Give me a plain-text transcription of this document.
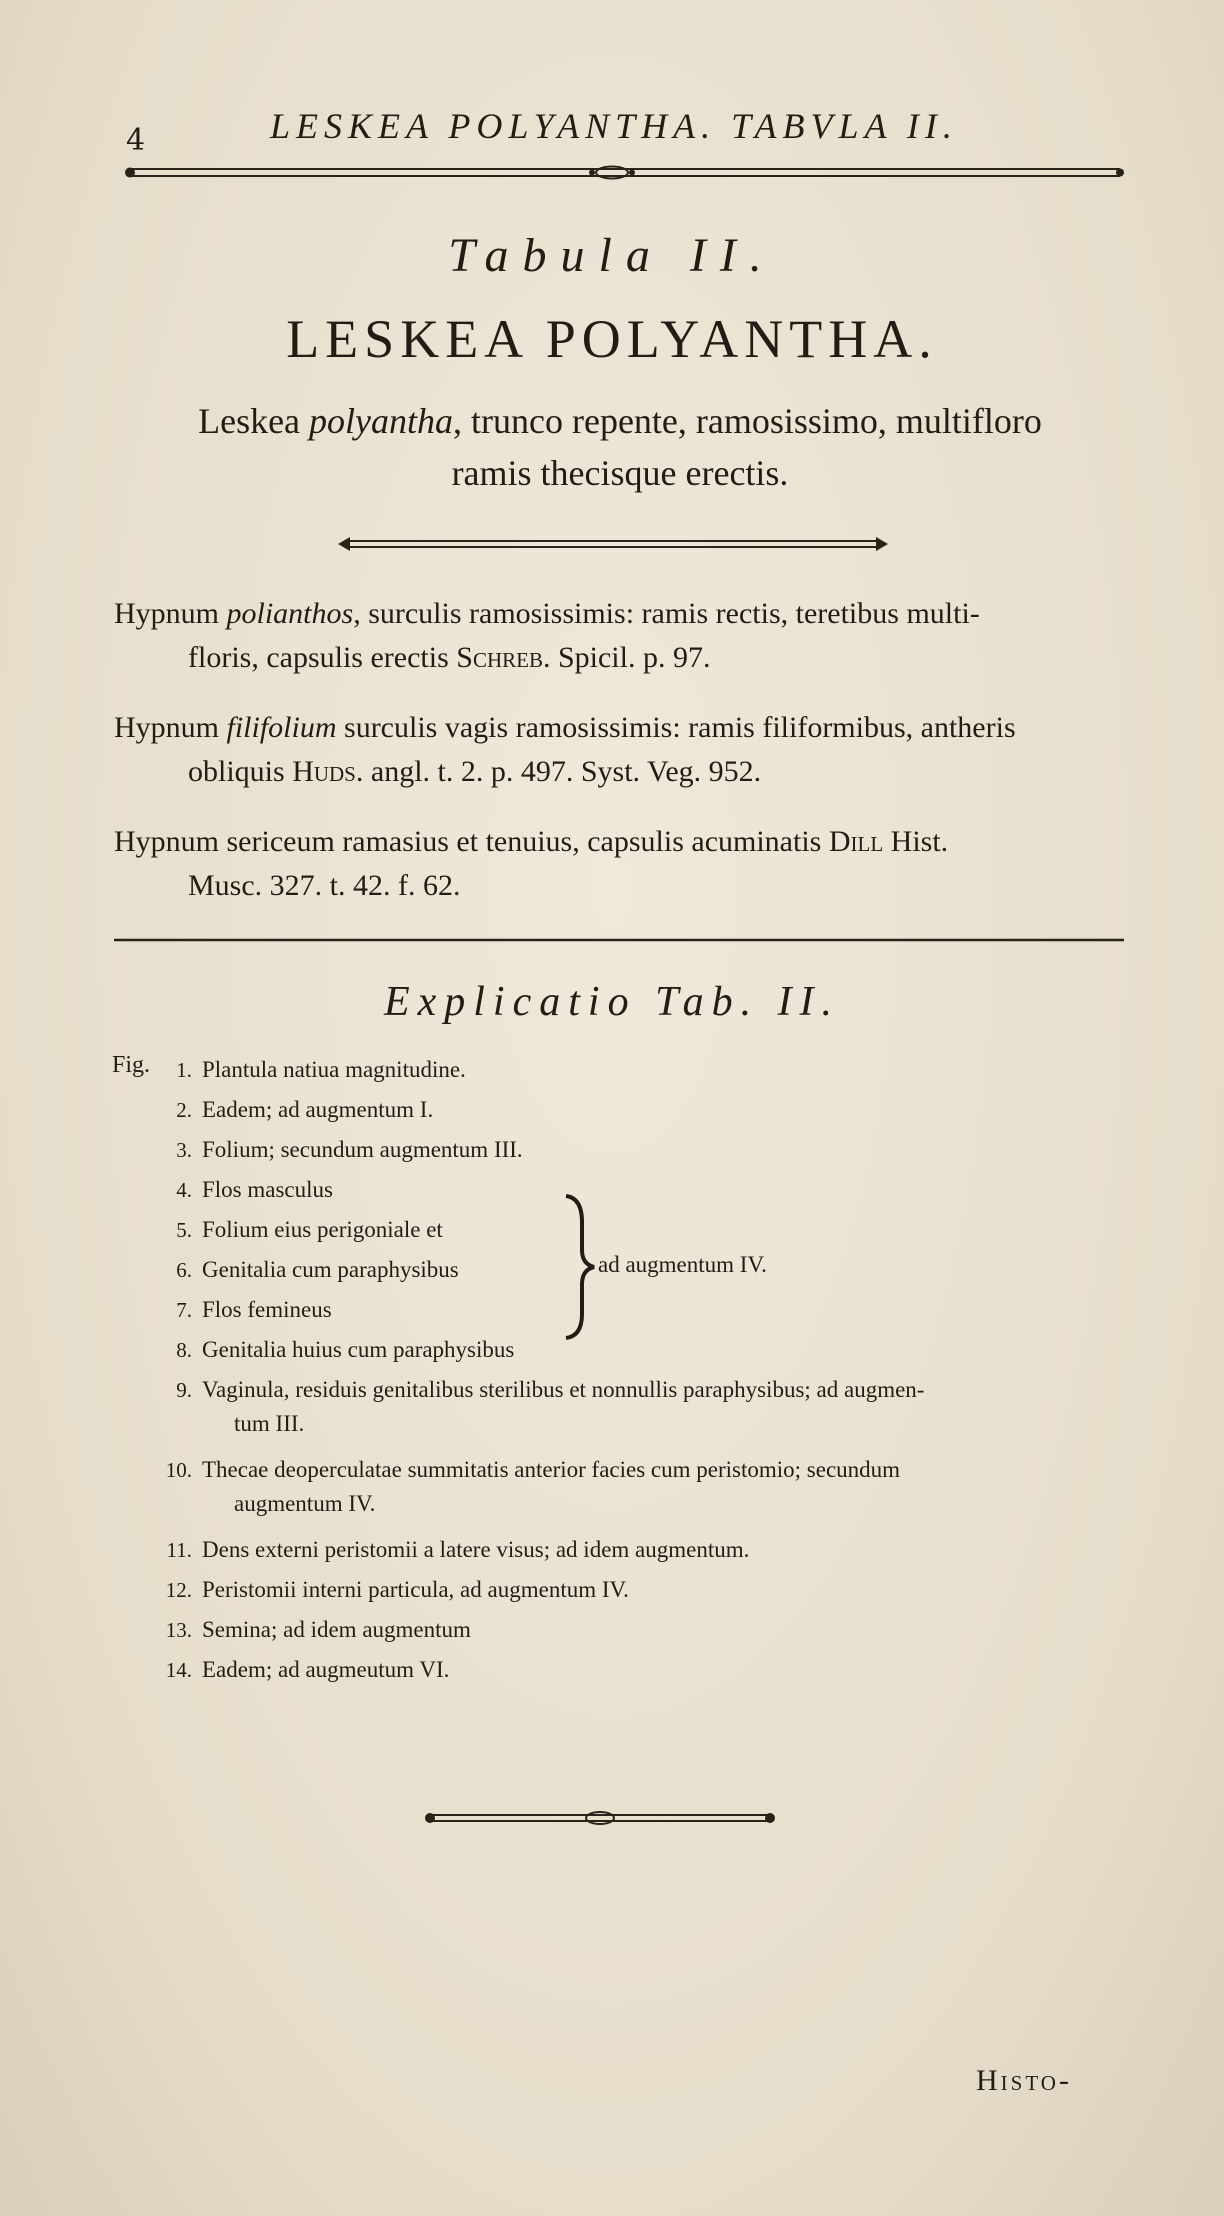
4	LESKEA POLYANTHA. TABVLA II.
Tabula II.
LESKEA POLYANTHA.
Leskea polyantha, trunco repente, ramosissimo, multifloro
ramis thecisque erectis.

Hypnum polianthos, surculis ramosissimis: ramis rectis, teretibus multi-
floris, capsulis erectis Schreb. Spicil. p. 97.

Hypnum filifolium surculis vagis ramosissimis: ramis filiformibus, antheris
obliquis Huds. angl. t. 2. p. 497. Syst. Veg. 952.

Hypnum sericeum ramasius et tenuius, capsulis acuminatis Dill Hist.
Musc. 327. t. 42. f. 62.

Explicatio Tab. II.
Fig.	1. Plantula natiua magnitudine.
2. Eadem; ad augmentum I.
3. Folium; secundum augmentum III.
4. Flos masculus
5. Folium eius perigoniale et
6. Genitalia cum paraphysibus
7. Flos femineus
8. Genitalia huius cum paraphysibus
9. Vaginula, residuis genitalibus sterilibus et nonnullis paraphysibus; ad augmen-
tum III.
10. Thecae deoperculatae summitatis anterior facies cum peristomio; secundum
augmentum IV.
11. Dens externi peristomii a latere visus; ad idem augmentum.
12. Peristomii interni particula, ad augmentum IV.
13. Semina; ad idem augmentum
14. Eadem; ad augmeutum VI.
ad augmentum IV.
Histo-
